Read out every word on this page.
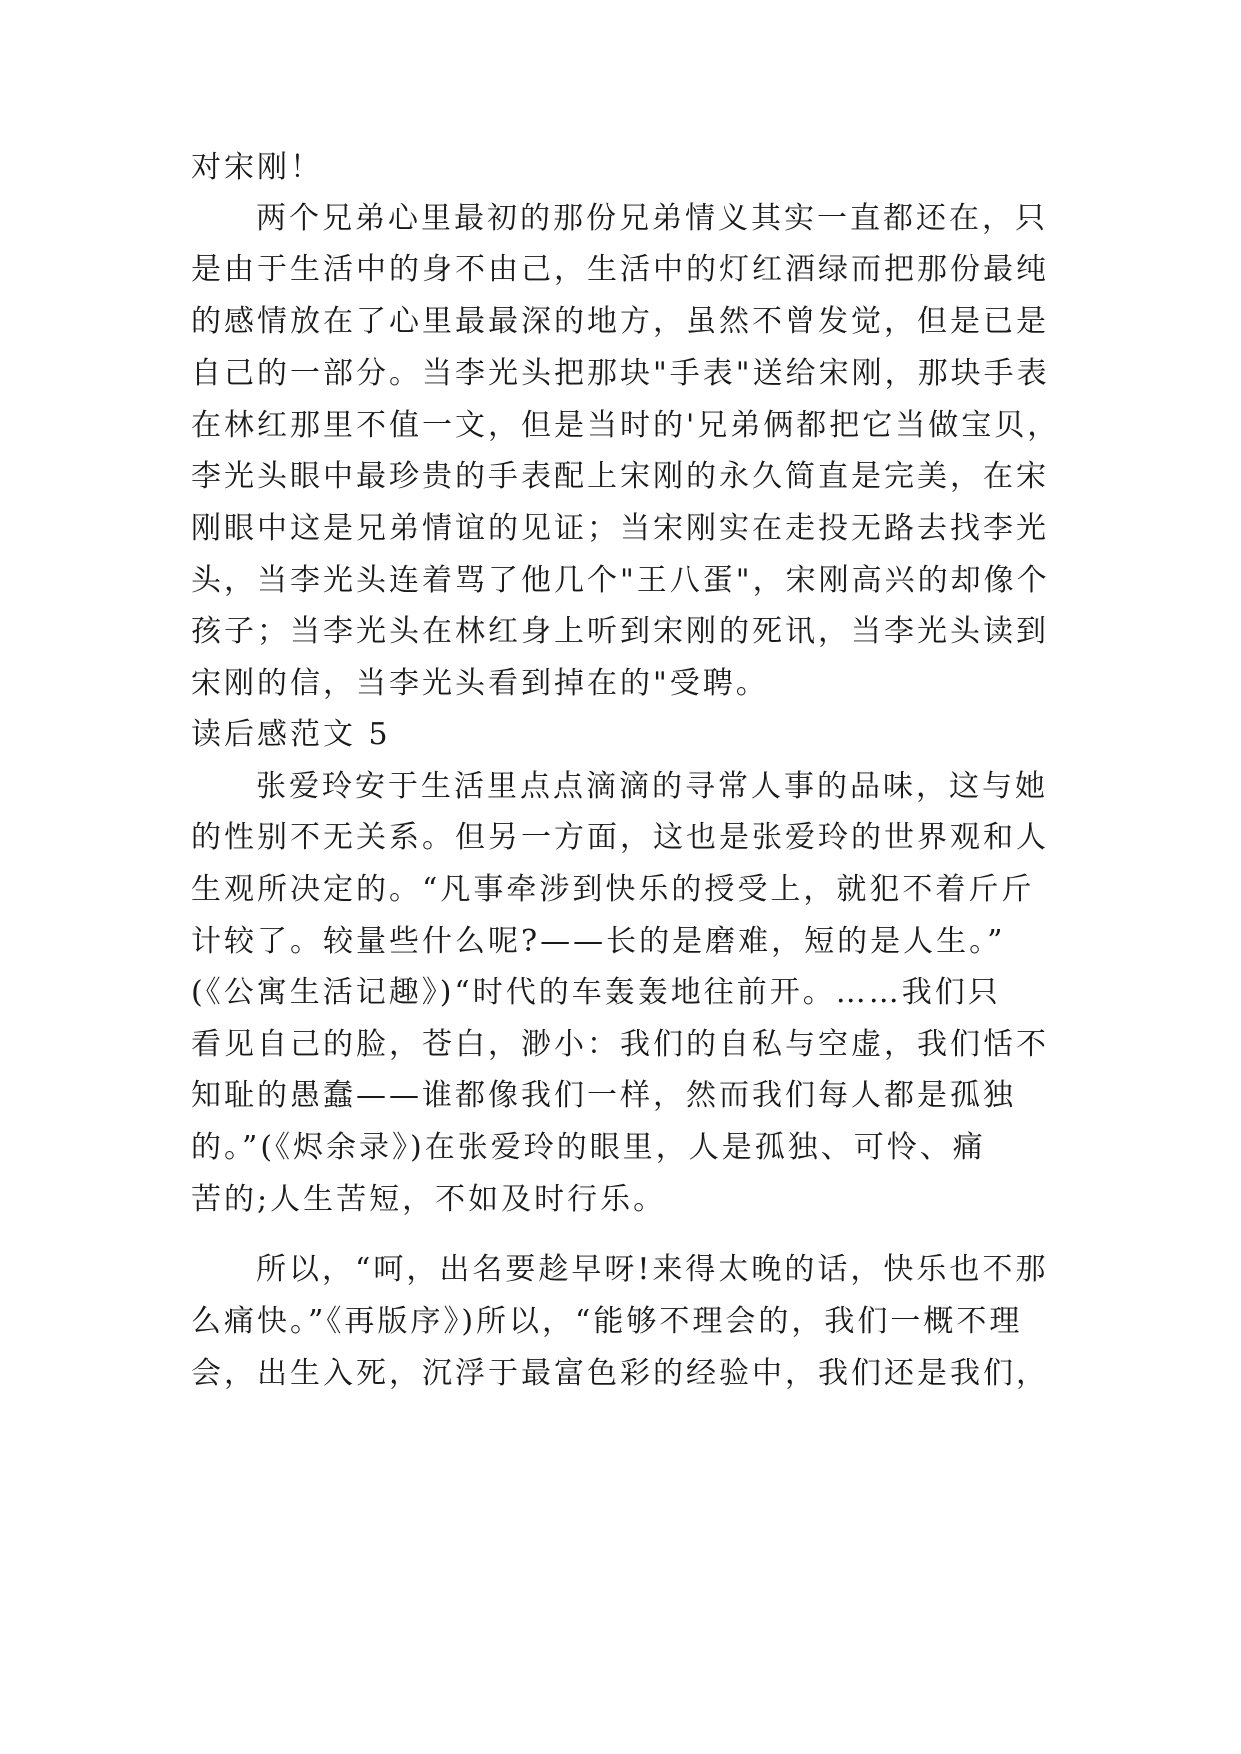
对宋刚！
两个兄弟心里最初的那份兄弟情义其实一直都还在，只
是由于生活中的身不由己，生活中的灯红酒绿而把那份最纯
的感情放在了心里最最深的地方，虽然不曾发觉，但是已是
自己的一部分。当李光头把那块"手表"送给宋刚，那块手表
在林红那里不值一文，但是当时的'兄弟俩都把它当做宝贝，
李光头眼中最珍贵的手表配上宋刚的永久简直是完美，在宋
刚眼中这是兄弟情谊的见证；当宋刚实在走投无路去找李光
头，当李光头连着骂了他几个"王八蛋"，宋刚高兴的却像个
孩子；当李光头在林红身上听到宋刚的死讯，当李光头读到
宋刚的信，当李光头看到掉在的"受聘。
读后感范文 5
张爱玲安于生活里点点滴滴的寻常人事的品味，这与她
的性别不无关系。但另一方面，这也是张爱玲的世界观和人
生观所决定的。“凡事牵涉到快乐的授受上，就犯不着斤斤
计较了。较量些什么呢?——长的是磨难，短的是人生。”
(《公寓生活记趣》)“时代的车轰轰地往前开。……我们只
看见自己的脸，苍白，渺小：我们的自私与空虚，我们恬不
知耻的愚蠢——谁都像我们一样，然而我们每人都是孤独
的。”(《烬余录》)在张爱玲的眼里，人是孤独、可怜、痛
苦的;人生苦短，不如及时行乐。
所以，“呵，出名要趁早呀!来得太晚的话，快乐也不那
么痛快。”《再版序》)所以，“能够不理会的，我们一概不理
会，出生入死，沉浮于最富色彩的经验中，我们还是我们，
